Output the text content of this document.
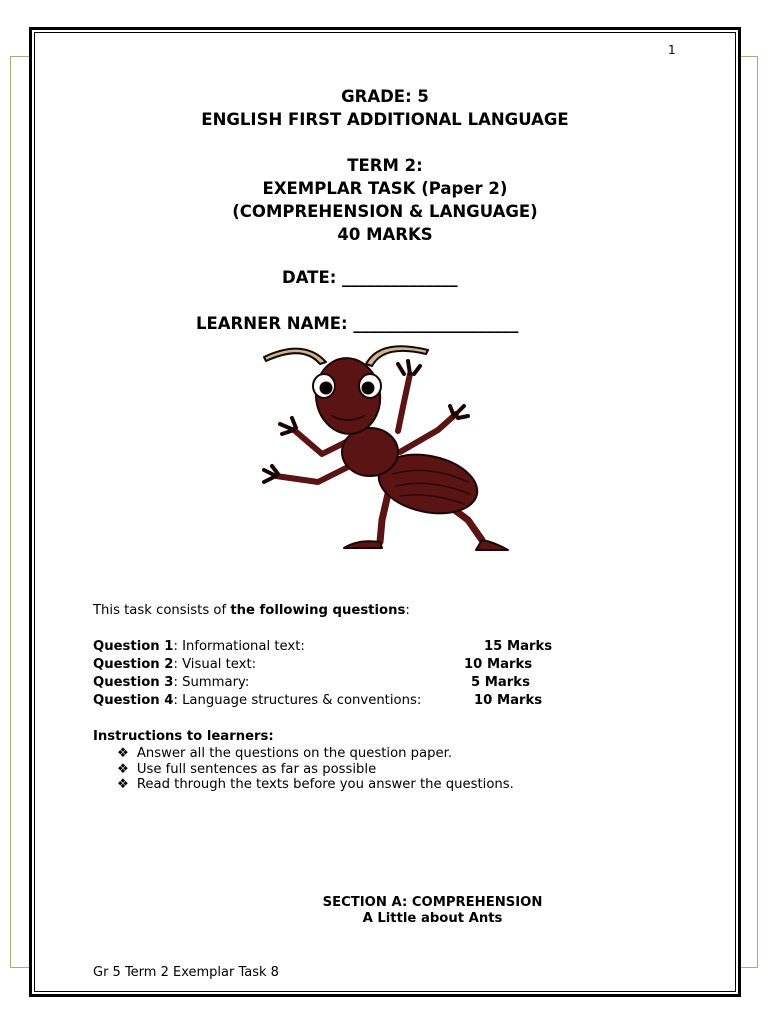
1
GRADE: 5
ENGLISH FIRST ADDITIONAL LANGUAGE
TERM 2:
EXEMPLAR TASK (Paper 2)
(COMPREHENSION & LANGUAGE)
40 MARKS
DATE: ______________
LEARNER NAME: ____________________
This task consists of the following questions:
Question 1: Informational text:	15 Marks
Question 2: Visual text:	10 Marks
Question 3: Summary:	5 Marks
Question 4: Language structures & conventions:	10 Marks
Instructions to learners:
❖ Answer all the questions on the question paper.
❖ Use full sentences as far as possible
❖ Read through the texts before you answer the questions.
SECTION A: COMPREHENSION
A Little about Ants
Gr 5 Term 2 Exemplar Task 8
